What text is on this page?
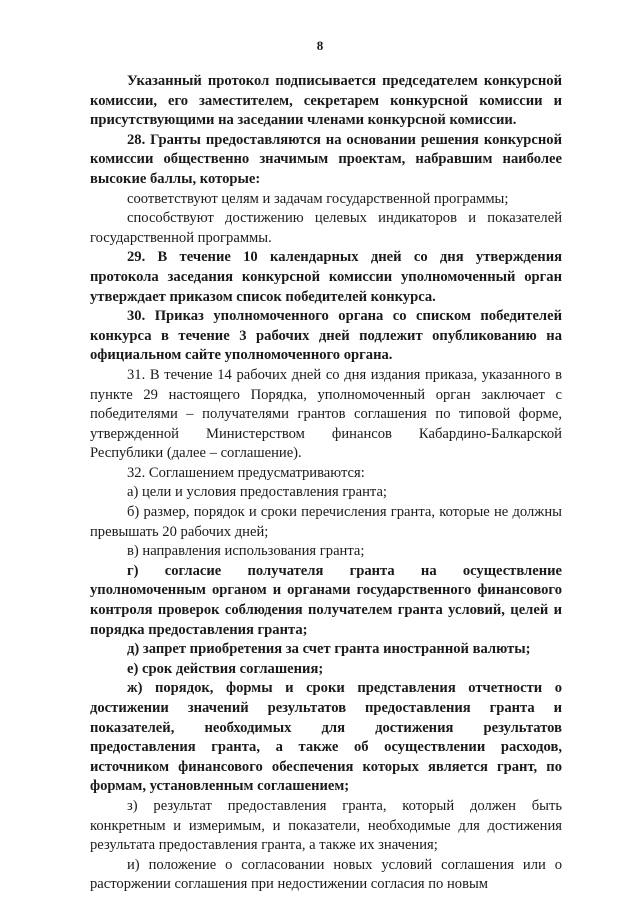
8

Указанный протокол подписывается председателем конкурсной комиссии, его заместителем, секретарем конкурсной комиссии и присутствующими на заседании членами конкурсной комиссии.

28. Гранты предоставляются на основании решения конкурсной комиссии общественно значимым проектам, набравшим наиболее высокие баллы, которые:

соответствуют целям и задачам государственной программы;

способствуют достижению целевых индикаторов и показателей государственной программы.

29. В течение 10 календарных дней со дня утверждения протокола заседания конкурсной комиссии уполномоченный орган утверждает приказом список победителей конкурса.

30. Приказ уполномоченного органа со списком победителей конкурса в течение 3 рабочих дней подлежит опубликованию на официальном сайте уполномоченного органа.

31. В течение 14 рабочих дней со дня издания приказа, указанного в пункте 29 настоящего Порядка, уполномоченный орган заключает с победителями – получателями грантов соглашения по типовой форме, утвержденной Министерством финансов Кабардино-Балкарской Республики (далее – соглашение).

32. Соглашением предусматриваются:

а) цели и условия предоставления гранта;

б) размер, порядок и сроки перечисления гранта, которые не должны превышать 20 рабочих дней;

в) направления использования гранта;

г) согласие получателя гранта на осуществление уполномоченным органом и органами государственного финансового контроля проверок соблюдения получателем гранта условий, целей и порядка предоставления гранта;

д) запрет приобретения за счет гранта иностранной валюты;

е) срок действия соглашения;

ж) порядок, формы и сроки представления отчетности о достижении значений результатов предоставления гранта и показателей, необходимых для достижения результатов предоставления гранта, а также об осуществлении расходов, источником финансового обеспечения которых является грант, по формам, установленным соглашением;

з) результат предоставления гранта, который должен быть конкретным и измеримым, и показатели, необходимые для достижения результата предоставления гранта, а также их значения;

и) положение о согласовании новых условий соглашения или о расторжении соглашения при недостижении согласия по новым
